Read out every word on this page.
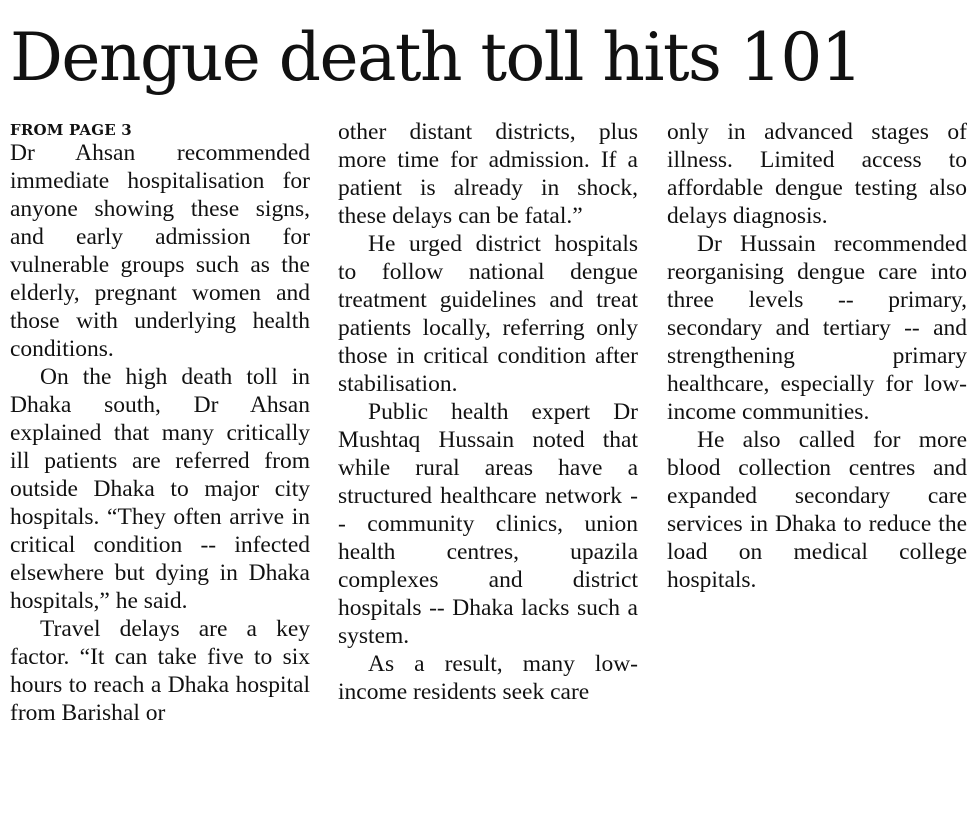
Dengue death toll hits 101
FROM PAGE 3

Dr Ahsan recommended immediate hospitalisation for anyone showing these signs, and early admission for vulnerable groups such as the elderly, pregnant women and those with underlying health conditions.

On the high death toll in Dhaka south, Dr Ahsan explained that many critically ill patients are referred from outside Dhaka to major city hospitals. “They often arrive in critical condition -- infected elsewhere but dying in Dhaka hospitals,” he said.

Travel delays are a key factor. “It can take five to six hours to reach a Dhaka hospital from Barishal or

other distant districts, plus more time for admission. If a patient is already in shock, these delays can be fatal.”

He urged district hospitals to follow national dengue treatment guidelines and treat patients locally, referring only those in critical condition after stabilisation.

Public health expert Dr Mushtaq Hussain noted that while rural areas have a structured healthcare network -- community clinics, union health centres, upazila complexes and district hospitals -- Dhaka lacks such a system.

As a result, many low-income residents seek care

only in advanced stages of illness. Limited access to affordable dengue testing also delays diagnosis.

Dr Hussain recommended reorganising dengue care into three levels -- primary, secondary and tertiary -- and strengthening primary healthcare, especially for low-income communities.

He also called for more blood collection centres and expanded secondary care services in Dhaka to reduce the load on medical college hospitals.
